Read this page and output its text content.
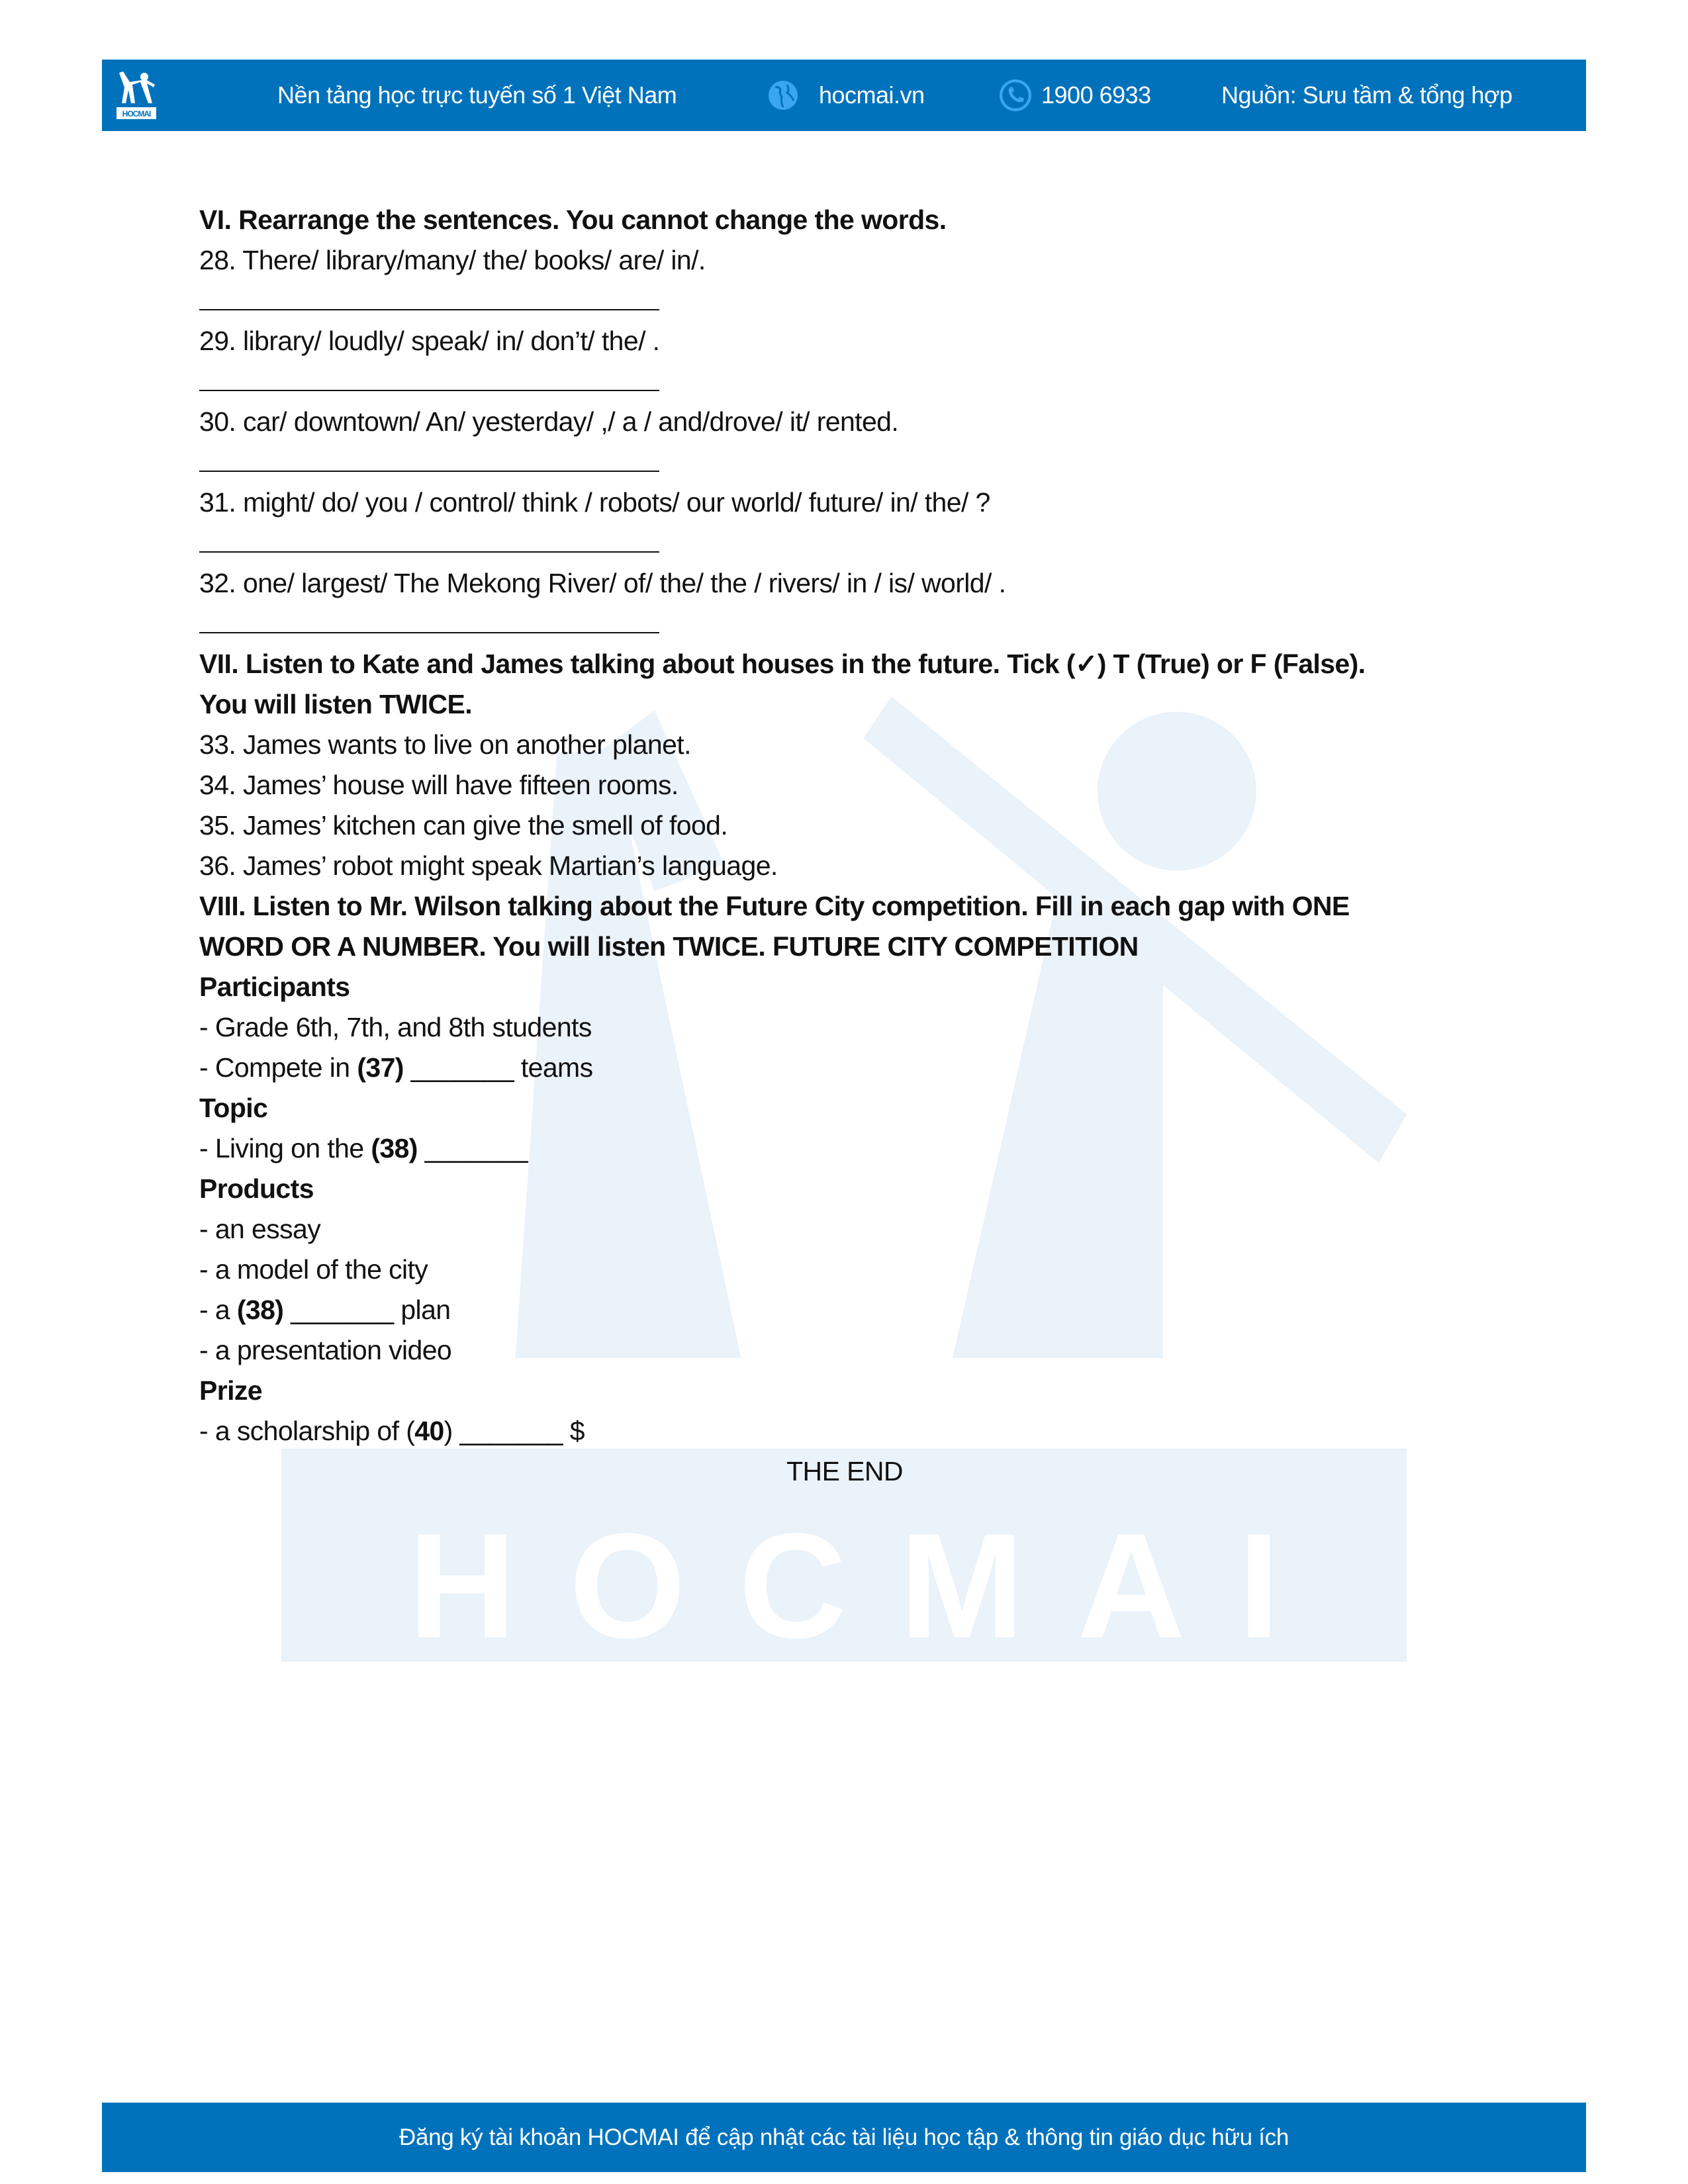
HOCMAI
HOCMAI
Nền tảng học trực tuyến số 1 Việt Nam	hocmai.vn	1900 6933	Nguồn: Sưu tầm & tổng hợp
VI. Rearrange the sentences. You cannot change the words.
28. There/ library/many/ the/ books/ are/ in/.
29. library/ loudly/ speak/ in/ don’t/ the/ .
30. car/ downtown/ An/ yesterday/ ,/ a / and/drove/ it/ rented.
31. might/ do/ you / control/ think / robots/ our world/ future/ in/ the/ ?
32. one/ largest/ The Mekong River/ of/ the/ the / rivers/ in / is/ world/ .
VII. Listen to Kate and James talking about houses in the future. Tick (✓) T (True) or F (False).
You will listen TWICE.
33. James wants to live on another planet.
34. James’ house will have fifteen rooms.
35. James’ kitchen can give the smell of food.
36. James’ robot might speak Martian’s language.
VIII. Listen to Mr. Wilson talking about the Future City competition. Fill in each gap with ONE
WORD OR A NUMBER. You will listen TWICE. FUTURE CITY COMPETITION
Participants
- Grade 6th, 7th, and 8th students
- Compete in (37) _______ teams
Topic
- Living on the (38) _______
Products
- an essay
- a model of the city
- a (38) _______ plan
- a presentation video
Prize
- a scholarship of (40) _______ $
THE END
Đăng ký tài khoản HOCMAI để cập nhật các tài liệu học tập & thông tin giáo dục hữu ích
